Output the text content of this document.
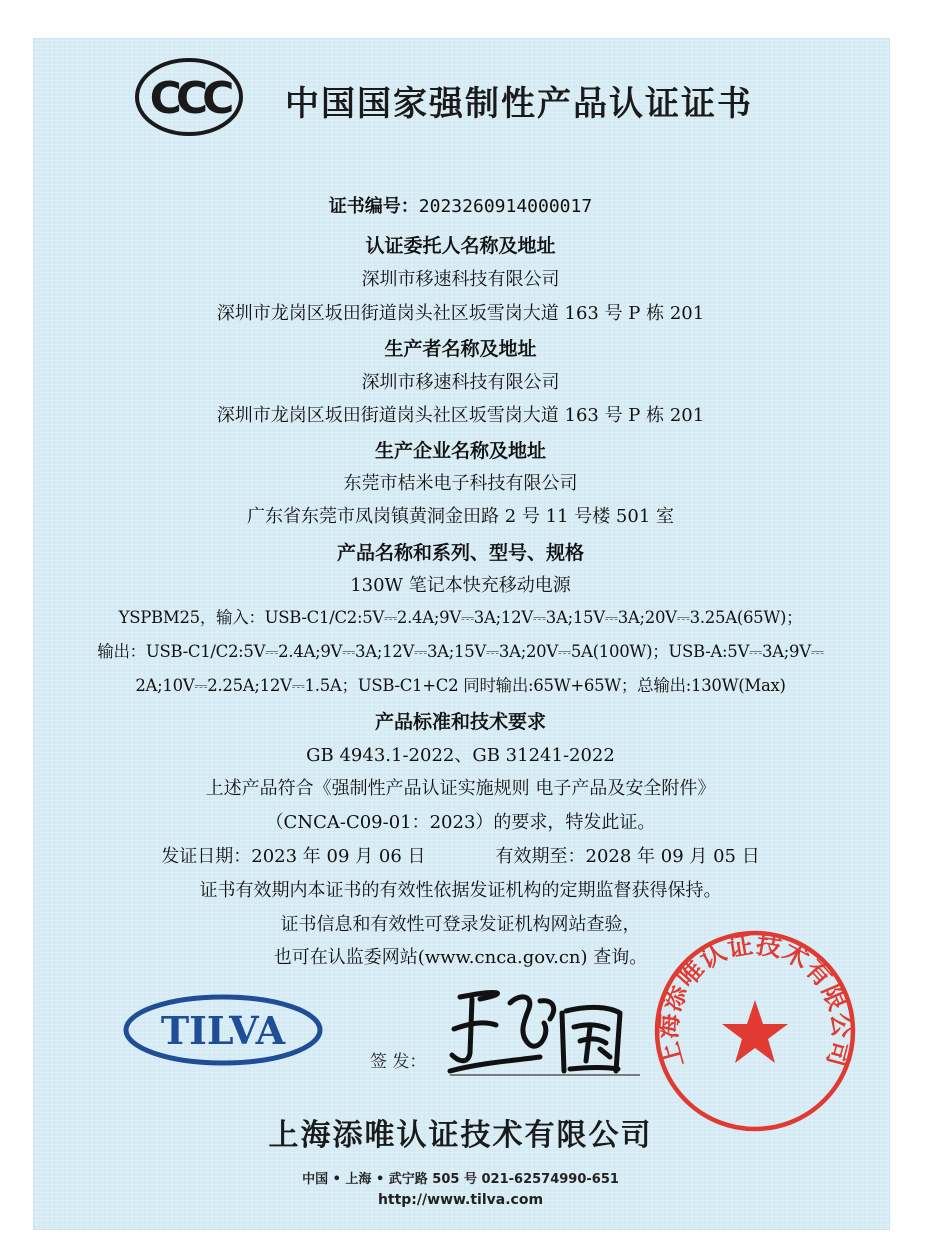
CCC 中国国家强制性产品认证证书
证书编号：2023260914000017
认证委托人名称及地址
深圳市移速科技有限公司
深圳市龙岗区坂田街道岗头社区坂雪岗大道 163 号 P 栋 201
生产者名称及地址
深圳市移速科技有限公司
深圳市龙岗区坂田街道岗头社区坂雪岗大道 163 号 P 栋 201
生产企业名称及地址
东莞市桔米电子科技有限公司
广东省东莞市凤岗镇黄洞金田路 2 号 11 号楼 501 室
产品名称和系列、型号、规格
130W 笔记本快充移动电源
YSPBM25，输入：USB-C1/C2:5V⎓2.4A;9V⎓3A;12V⎓3A;15V⎓3A;20V⎓3.25A(65W)；
输出：USB-C1/C2:5V⎓2.4A;9V⎓3A;12V⎓3A;15V⎓3A;20V⎓5A(100W)；USB-A:5V⎓3A;9V⎓
2A;10V⎓2.25A;12V⎓1.5A；USB-C1+C2 同时输出:65W+65W；总输出:130W(Max)
产品标准和技术要求
GB 4943.1-2022、GB 31241-2022
上述产品符合《强制性产品认证实施规则 电子产品及安全附件》
（CNCA-C09-01：2023）的要求，特发此证。
发证日期：2023 年 09 月 06 日	有效期至：2028 年 09 月 05 日
证书有效期内本证书的有效性依据发证机构的定期监督获得保持。
证书信息和有效性可登录发证机构网站查验，
也可在认监委网站(www.cnca.gov.cn) 查询。
TILVA
签 发：	上海添唯认证技术有限公司
上海添唯认证技术有限公司
中国 • 上海 • 武宁路 505 号 021-62574990-651
http://www.tilva.com
